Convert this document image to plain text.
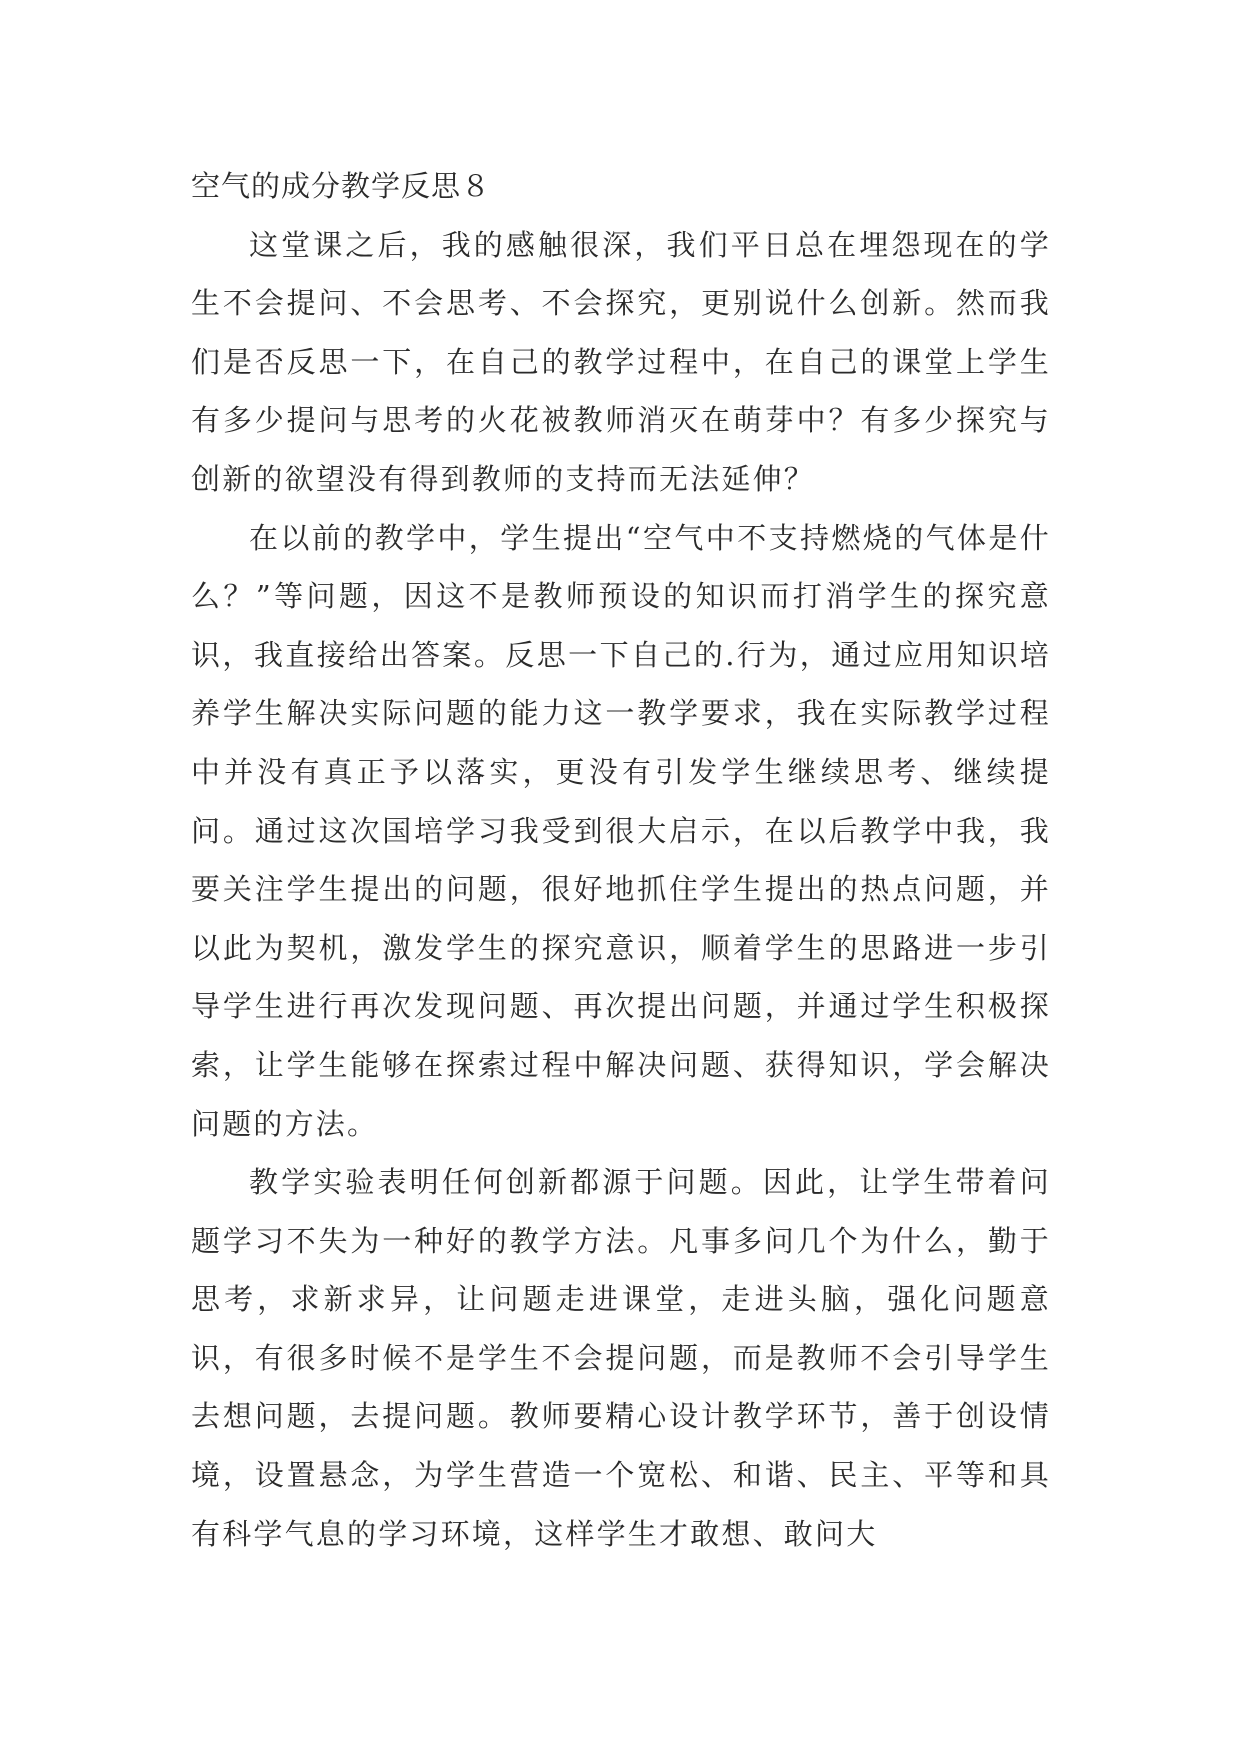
空气的成分教学反思８

这堂课之后，我的感触很深，我们平日总在埋怨现在的学生不会提问、不会思考、不会探究，更别说什么创新。然而我们是否反思一下，在自己的教学过程中，在自己的课堂上学生有多少提问与思考的火花被教师消灭在萌芽中？有多少探究与创新的欲望没有得到教师的支持而无法延伸？

在以前的教学中，学生提出“空气中不支持燃烧的气体是什么？”等问题，因这不是教师预设的知识而打消学生的探究意识，我直接给出答案。反思一下自己的.行为，通过应用知识培养学生解决实际问题的能力这一教学要求，我在实际教学过程中并没有真正予以落实，更没有引发学生继续思考、继续提问。通过这次国培学习我受到很大启示，在以后教学中我，我要关注学生提出的问题，很好地抓住学生提出的热点问题，并以此为契机，激发学生的探究意识，顺着学生的思路进一步引导学生进行再次发现问题、再次提出问题，并通过学生积极探索，让学生能够在探索过程中解决问题、获得知识，学会解决问题的方法。

教学实验表明任何创新都源于问题。因此，让学生带着问题学习不失为一种好的教学方法。凡事多问几个为什么，勤于思考，求新求异，让问题走进课堂，走进头脑，强化问题意识，有很多时候不是学生不会提问题，而是教师不会引导学生去想问题，去提问题。教师要精心设计教学环节，善于创设情境，设置悬念，为学生营造一个宽松、和谐、民主、平等和具有科学气息的学习环境，这样学生才敢想、敢问大
